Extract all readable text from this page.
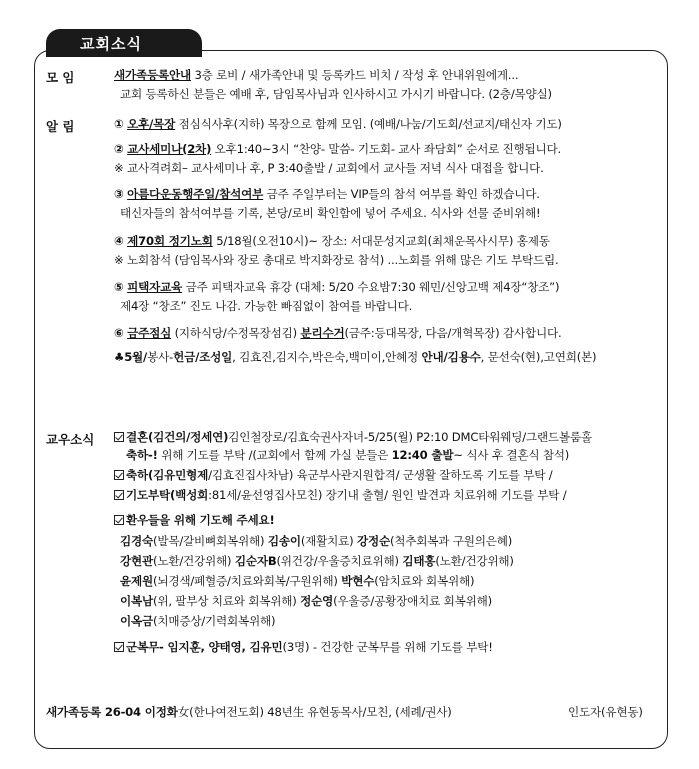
교회소식
모 임	새가족등록안내 3층 로비 / 새가족안내 및 등록카드 비치 / 작성 후 안내위원에게...
교회 등록하신 분들은 예배 후, 담임목사님과 인사하시고 가시기 바랍니다. (2층/목양실)
알 림	① 오후/목장 점심식사후(지하) 목장으로 함께 모임. (예배/나눔/기도회/선교지/태신자 기도)
② 교사세미나(2차) 오후1:40~3시 “찬양- 말씀- 기도회- 교사 좌담회” 순서로 진행됩니다.
※ 교사격려회– 교사세미나 후, P 3:40출발 / 교회에서 교사들 저녁 식사 대접을 합니다.
③ 아름다운동행주일/참석여부 금주 주일부터는 VIP들의 참석 여부를 확인 하겠습니다.
태신자들의 참석여부를 기록, 본당/로비 확인함에 넣어 주세요. 식사와 선물 준비위해!
④ 제70회 정기노회 5/18월(오전10시)~ 장소: 서대문성지교회(최채운목사시무) 홍제동
※ 노회참석 (담임목사와 장로 총대로 박지화장로 참석) ...노회를 위해 많은 기도 부탁드림.
⑤ 피택자교육 금주 피택자교육 휴강 (대체: 5/20 수요밤7:30 웨민/신앙고백 제4장“창조”)
제4장 “창조” 진도 나감. 가능한 빠짐없이 참여를 바랍니다.
⑥ 금주점심 (지하식당/수정목장섬김) 분리수거(금주:등대목장, 다음/개혁목장) 감사합니다.
♣5월/봉사-헌금/조성일, 김효진,김지수,박은숙,백미이,안혜정 안내/김용수, 문선숙(현),고연희(본)
교우소식	결혼(김건의/정세연)김인철장로/김효숙권사자녀-5/25(월) P2:10 DMC타워웨딩/그랜드볼룸홀
축하-! 위해 기도를 부탁 /(교회에서 함께 가실 분들은 12:40 출발~ 식사 후 결혼식 참석)
축하(김유민형제/김효진집사차남) 육군부사관지원합격/ 군생활 잘하도록 기도를 부탁 /
기도부탁(백성희:81세/윤선영집사모친) 장기내 출혈/ 원인 발견과 치료위해 기도를 부탁 /
환우들을 위해 기도해 주세요!
김경숙(발목/갈비뼈회복위해) 김송이(재활치료) 강정순(척추회복과 구원의은혜)
강현관(노환/건강위해) 김순자B(위건강/우울증치료위해) 김태홍(노환/건강위해)
윤제원(뇌경색/폐혈증/치료와회복/구원위해) 박현수(암치료와 회복위해)
이복남(위, 팔부상 치료와 회복위해) 정순영(우울증/공황장애치료 회복위해)
이옥금(치매증상/기력회복위해)
군복무- 임지훈, 양태영, 김유민(3명) - 건강한 군복무를 위해 기도를 부탁!
새가족등록 26-04 이정화女(한나여전도회) 48년生 유현동목사/모친, (세례/권사)	인도자(유현동)
